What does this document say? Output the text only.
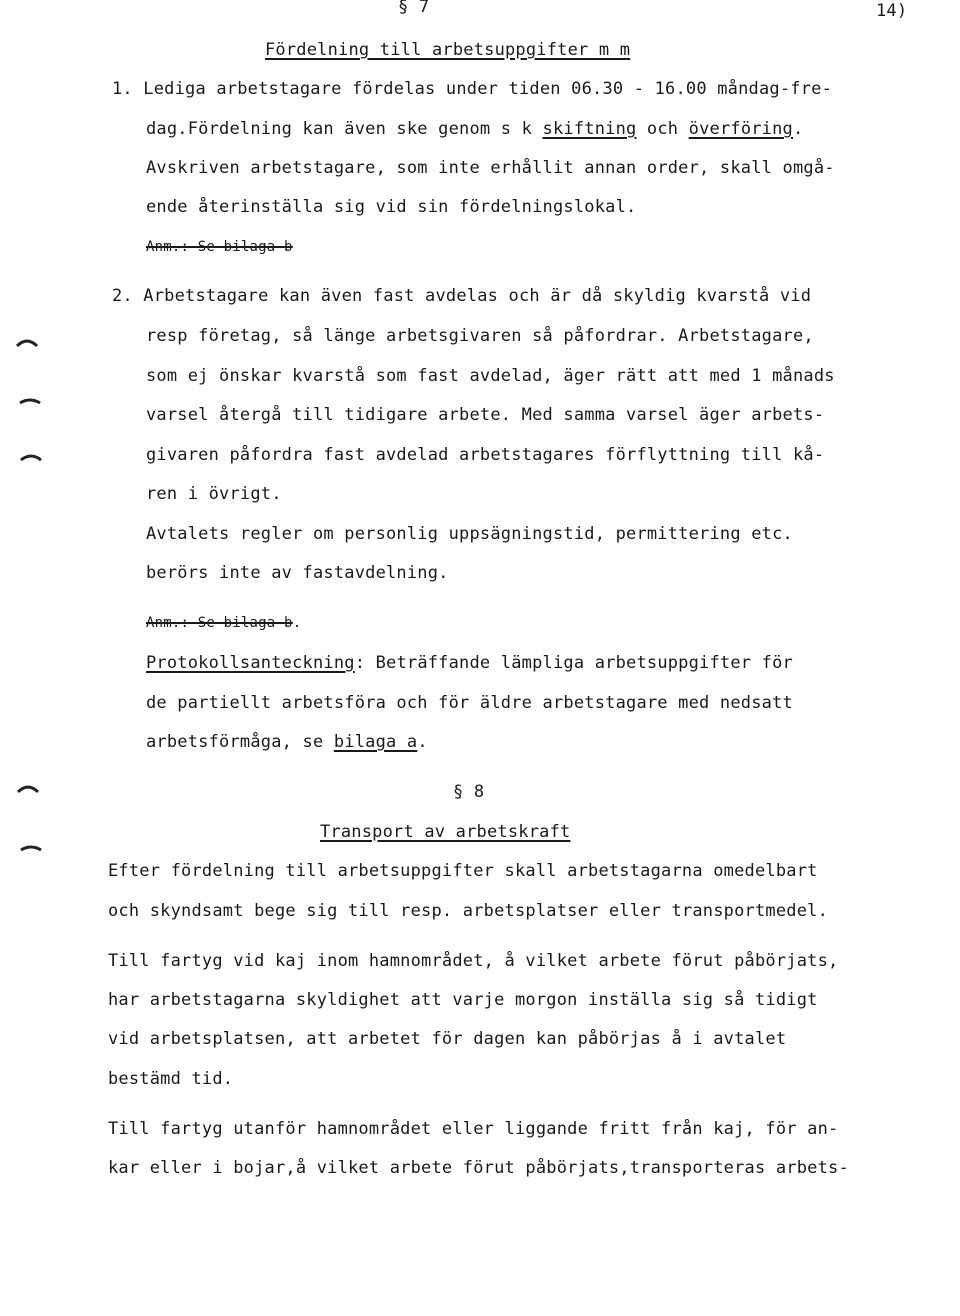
§ 7	14)
Fördelning till arbetsuppgifter m m
1. Lediga arbetstagare fördelas under tiden 06.30 - 16.00 måndag-fre-
dag.Fördelning kan även ske genom s k skiftning och överföring.
Avskriven arbetstagare, som inte erhållit annan order, skall omgå-
ende återinställa sig vid sin fördelningslokal.
Anm.: Se bilaga b
2. Arbetstagare kan även fast avdelas och är då skyldig kvarstå vid
resp företag, så länge arbetsgivaren så påfordrar. Arbetstagare,
som ej önskar kvarstå som fast avdelad, äger rätt att med 1 månads
varsel återgå till tidigare arbete. Med samma varsel äger arbets-
givaren påfordra fast avdelad arbetstagares förflyttning till kå-
ren i övrigt.
Avtalets regler om personlig uppsägningstid, permittering etc.
berörs inte av fastavdelning.
Anm.: Se bilaga b.
Protokollsanteckning: Beträffande lämpliga arbetsuppgifter för
de partiellt arbetsföra och för äldre arbetstagare med nedsatt
arbetsförmåga, se bilaga a.
§ 8
Transport av arbetskraft
Efter fördelning till arbetsuppgifter skall arbetstagarna omedelbart
och skyndsamt bege sig till resp. arbetsplatser eller transportmedel.
Till fartyg vid kaj inom hamnområdet, å vilket arbete förut påbörjats,
har arbetstagarna skyldighet att varje morgon inställa sig så tidigt
vid arbetsplatsen, att arbetet för dagen kan påbörjas å i avtalet
bestämd tid.
Till fartyg utanför hamnområdet eller liggande fritt från kaj, för an-
kar eller i bojar,å vilket arbete förut påbörjats,transporteras arbets-
